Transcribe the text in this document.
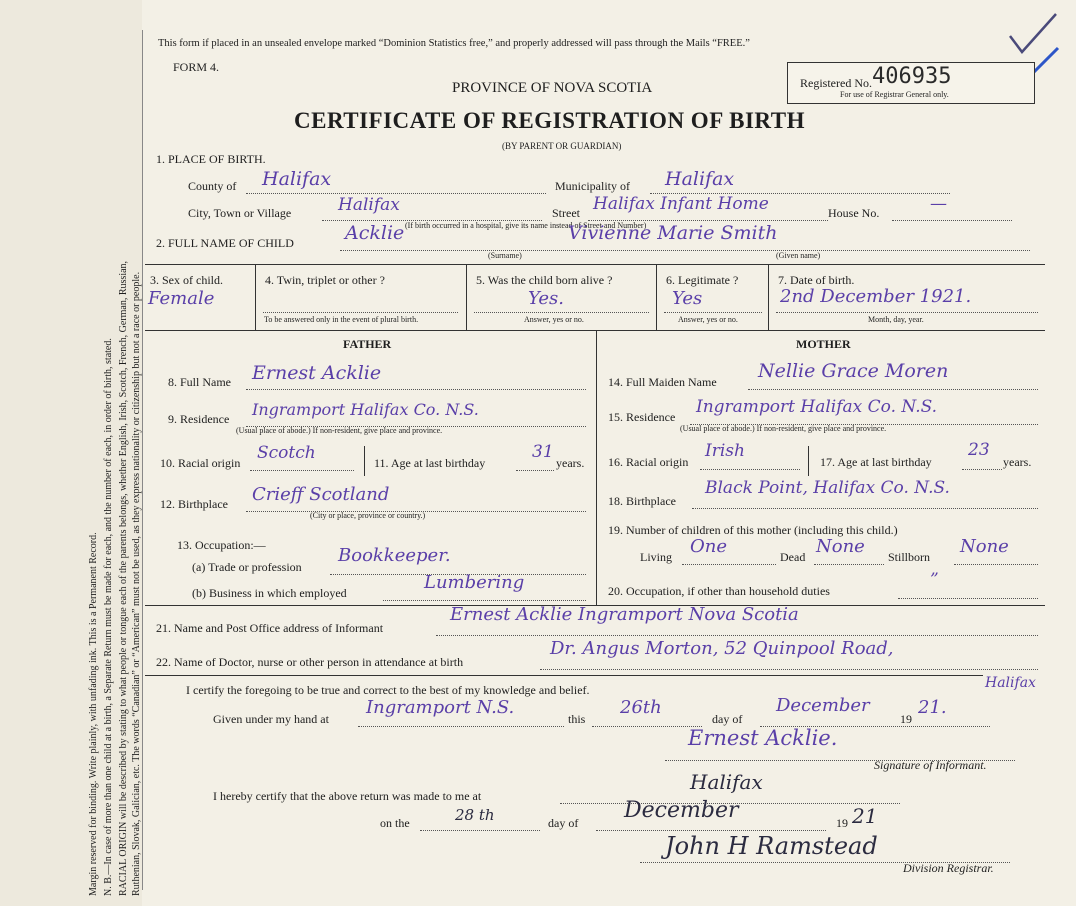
Margin reserved for binding. Write plainly, with unfading ink. This is a Permanent Record. N. B.—In case of more than one child at a birth, a Separate Return must be made for each, and the number of each, in order of birth, stated. RACIAL ORIGIN will be described by stating to what people or tongue each of the parents belongs, whether English, Irish, Scotch, French, German, Russian, Ruthenian, Slovak, Galician, etc. The words “Canadian” or “American” must not be used, as they express nationality or citizenship but not a race or people.
This form if placed in an unsealed envelope marked “Dominion Statistics free,” and properly addressed will pass through the Mails “FREE.”
FORM 4.
PROVINCE OF NOVA SCOTIA
CERTIFICATE OF REGISTRATION OF BIRTH
(BY PARENT OR GUARDIAN)
Registered No. 406935
For use of Registrar General only.
1. PLACE OF BIRTH.
County of Halifax	Municipality of Halifax
City, Town or Village	Halifax	Street Halifax Infant Home	House No.	—
(If birth occurred in a hospital, give its name instead of Street and Number)
2. FULL NAME OF CHILD	Acklie	Vivienne Marie Smith
(Surname)	(Given name)
3. Sex of child.
Female
4. Twin, triplet or other ?
To be answered only in the event of plural birth.
5. Was the child born alive ?
Yes.
Answer, yes or no.
6. Legitimate ?
Yes
Answer, yes or no.
7. Date of birth.
2nd December 1921.
Month, day, year.
FATHER	MOTHER
8. Full Name Ernest Acklie
9. Residence Ingramport Halifax Co. N.S.
(Usual place of abode.) If non-resident, give place and province.
10. Racial origin Scotch	11. Age at last birthday
31
years.
12. Birthplace Crieff Scotland
(City or place, province or country.)
13. Occupation:—
(a) Trade or profession
Bookkeeper.
(b) Business in which employed	Lumbering
14. Full Maiden Name Nellie Grace Moren
15. Residence Ingramport Halifax Co. N.S.
(Usual place of abode.) If non-resident, give place and province.
16. Racial origin
Irish
17. Age at last birthday
23
years.
18. Birthplace
Black Point, Halifax Co. N.S.
19. Number of children of this mother (including this child.)
Living One	Dead None Stillborn None
20. Occupation, if other than household duties
”
21. Name and Post Office address of Informant
Ernest Acklie Ingramport Nova Scotia
22. Name of Doctor, nurse or other person in attendance at birth
Dr. Angus Morton, 52 Quinpool Road,
Halifax
I certify the foregoing to be true and correct to the best of my knowledge and belief.
Given under my hand at
Ingramport N.S.
this
26th
day of
December
19
21.
Ernest Acklie.
Signature of Informant.
I hereby certify that the above return was made to me at
Halifax
on the	28 th	day of December	19 21
John H Ramstead
Division Registrar.
